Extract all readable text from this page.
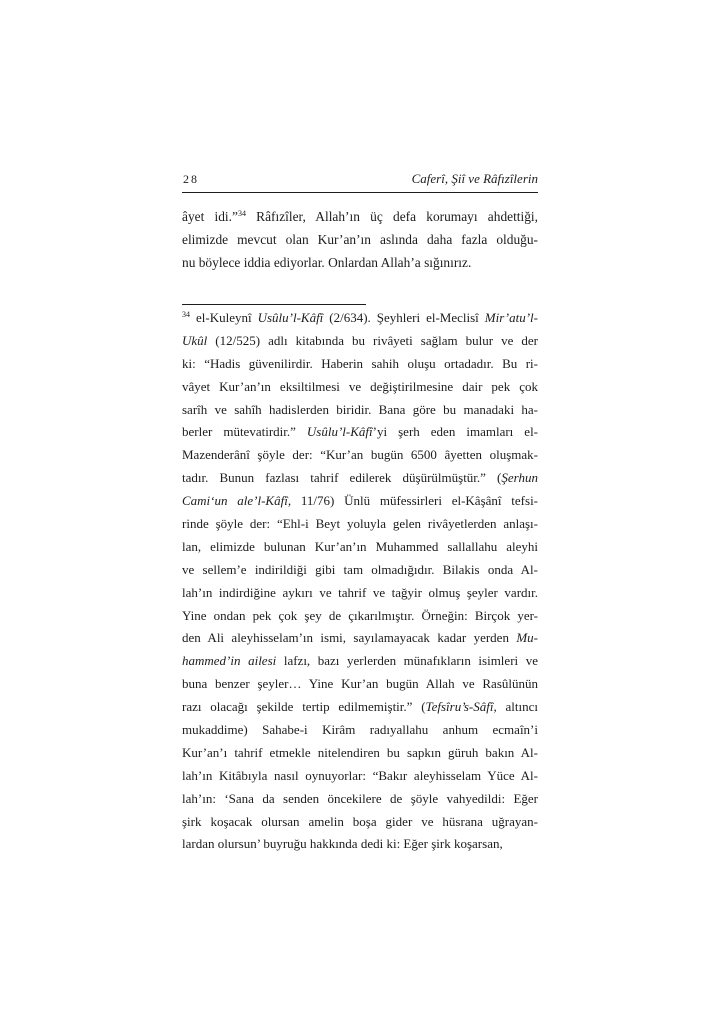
28	Caferî, Şiî ve Râfızîlerin
âyet idi.”$^{34}$ Râfızîler, Allah’ın üç defa korumayı ahdettiği,
elimizde mevcut olan Kur’an’ın aslında daha fazla olduğu-
nu böylece iddia ediyorlar. Onlardan Allah’a sığınırız.
$^{34}$ el-Kuleynî Usûlu’l-Kâfî (2/634). Şeyhleri el-Meclisî Mir’atu’l-
Ukûl (12/525) adlı kitabında bu rivâyeti sağlam bulur ve der
ki: “Hadis güvenilirdir. Haberin sahih oluşu ortadadır. Bu ri-
vâyet Kur’an’ın eksiltilmesi ve değiştirilmesine dair pek çok
sarîh ve sahîh hadislerden biridir. Bana göre bu manadaki ha-
berler mütevatirdir.” Usûlu’l-Kâfî’yi şerh eden imamları el-
Mazenderânî şöyle der: “Kur’an bugün 6500 âyetten oluşmak-
tadır. Bunun fazlası tahrif edilerek düşürülmüştür.” (Şerhun
Cami‘un ale’l-Kâfî, 11/76) Ünlü müfessirleri el-Kâşânî tefsi-
rinde şöyle der: “Ehl-i Beyt yoluyla gelen rivâyetlerden anlaşı-
lan, elimizde bulunan Kur’an’ın Muhammed sallallahu aleyhi
ve sellem’e indirildiği gibi tam olmadığıdır. Bilakis onda Al-
lah’ın indirdiğine aykırı ve tahrif ve tağyir olmuş şeyler vardır.
Yine ondan pek çok şey de çıkarılmıştır. Örneğin: Birçok yer-
den Ali aleyhisselam’ın ismi, sayılamayacak kadar yerden Mu-
hammed’in ailesi lafzı, bazı yerlerden münafıkların isimleri ve
buna benzer şeyler… Yine Kur’an bugün Allah ve Rasûlünün
razı olacağı şekilde tertip edilmemiştir.” (Tefsîru’s-Sâfî, altıncı
mukaddime) Sahabe-i Kirâm radıyallahu anhum ecmaîn’i
Kur’an’ı tahrif etmekle nitelendiren bu sapkın güruh bakın Al-
lah’ın Kitâbıyla nasıl oynuyorlar: “Bakır aleyhisselam Yüce Al-
lah’ın: ‘Sana da senden öncekilere de şöyle vahyedildi: Eğer
şirk koşacak olursan amelin boşa gider ve hüsrana uğrayan-
lardan olursun’ buyruğu hakkında dedi ki: Eğer şirk koşarsan,
